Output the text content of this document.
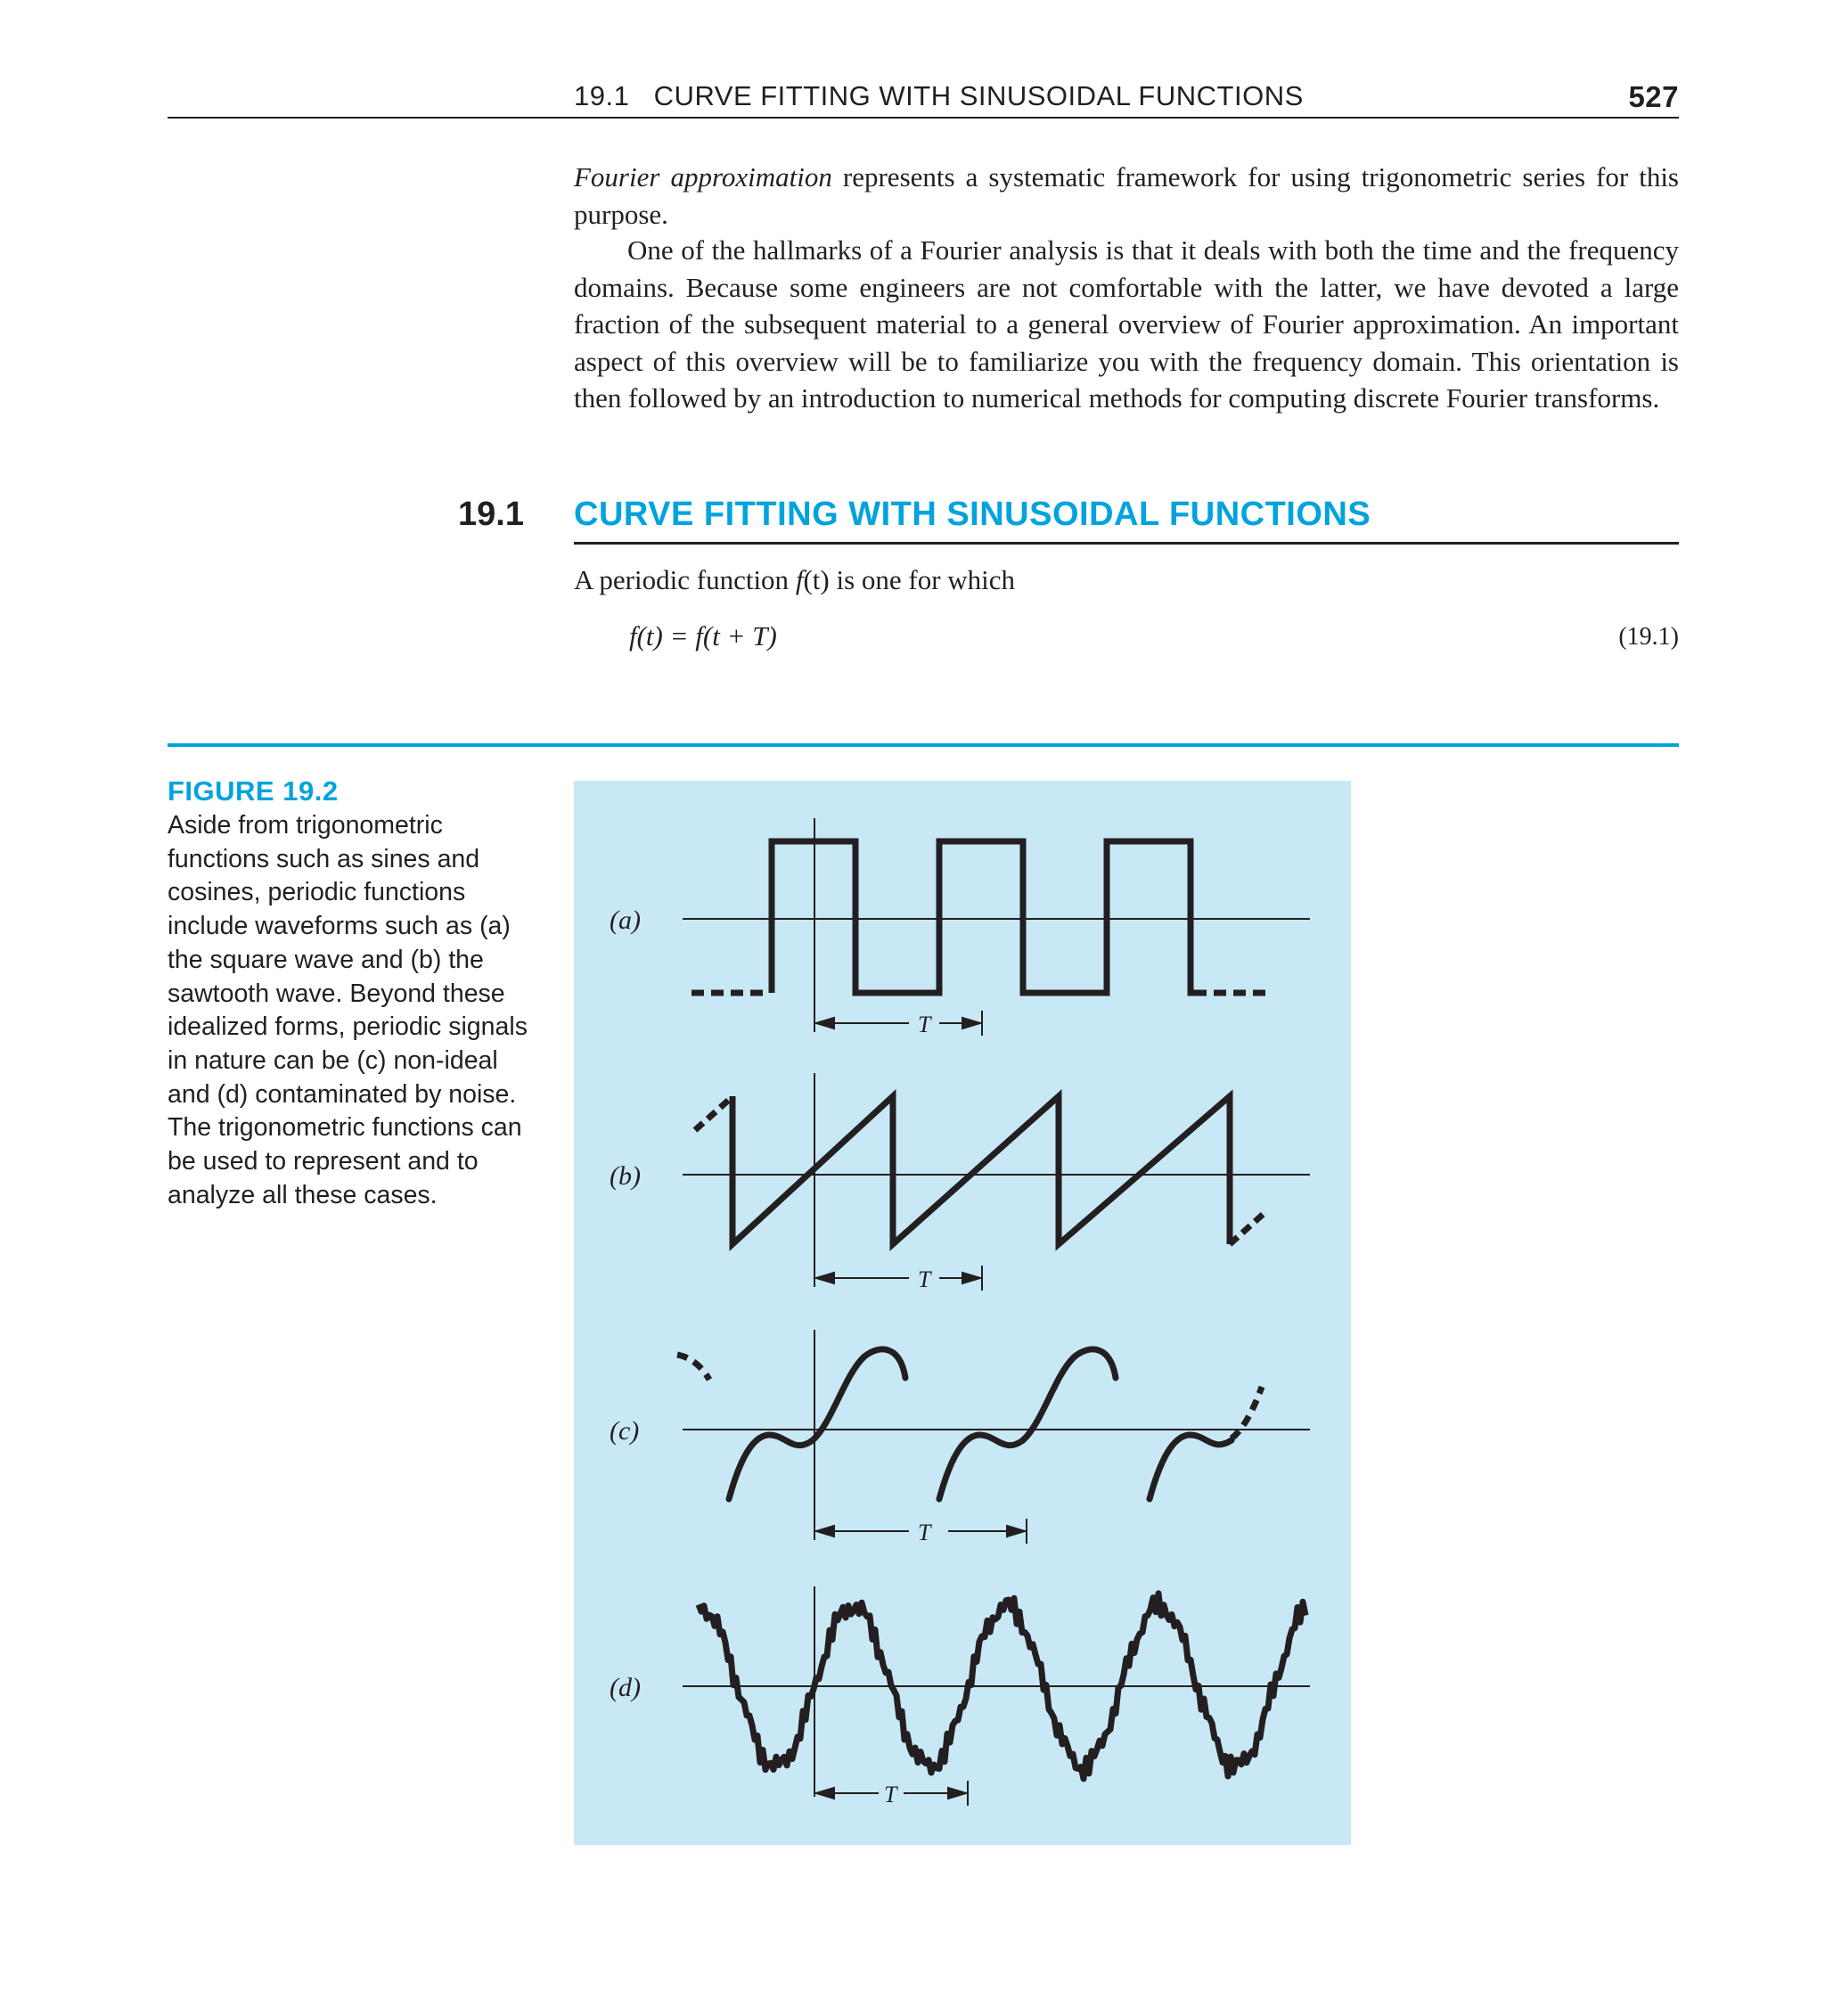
19.1   CURVE FITTING WITH SINUSOIDAL FUNCTIONS	527

Fourier approximation represents a systematic framework for using trigonometric series for this purpose.

One of the hallmarks of a Fourier analysis is that it deals with both the time and the frequency domains. Because some engineers are not comfortable with the latter, we have devoted a large fraction of the subsequent material to a general overview of Fourier approximation. An important aspect of this overview will be to familiarize you with the frequency domain. This orientation is then followed by an introduction to numerical methods for computing discrete Fourier transforms.

19.1 CURVE FITTING WITH SINUSOIDAL FUNCTIONS
A periodic function f(t) is one for which
f(t) = f(t + T)	(19.1)
FIGURE 19.2
Aside from trigonometric functions such as sines and cosines, periodic functions include waveforms such as (a) the square wave and (b) the sawtooth wave. Beyond these idealized forms, periodic signals in nature can be (c) non-ideal and (d) contaminated by noise. The trigonometric functions can be used to represent and to analyze all these cases.
(a)
T
(b)
T
(c)
T
(d)
T
